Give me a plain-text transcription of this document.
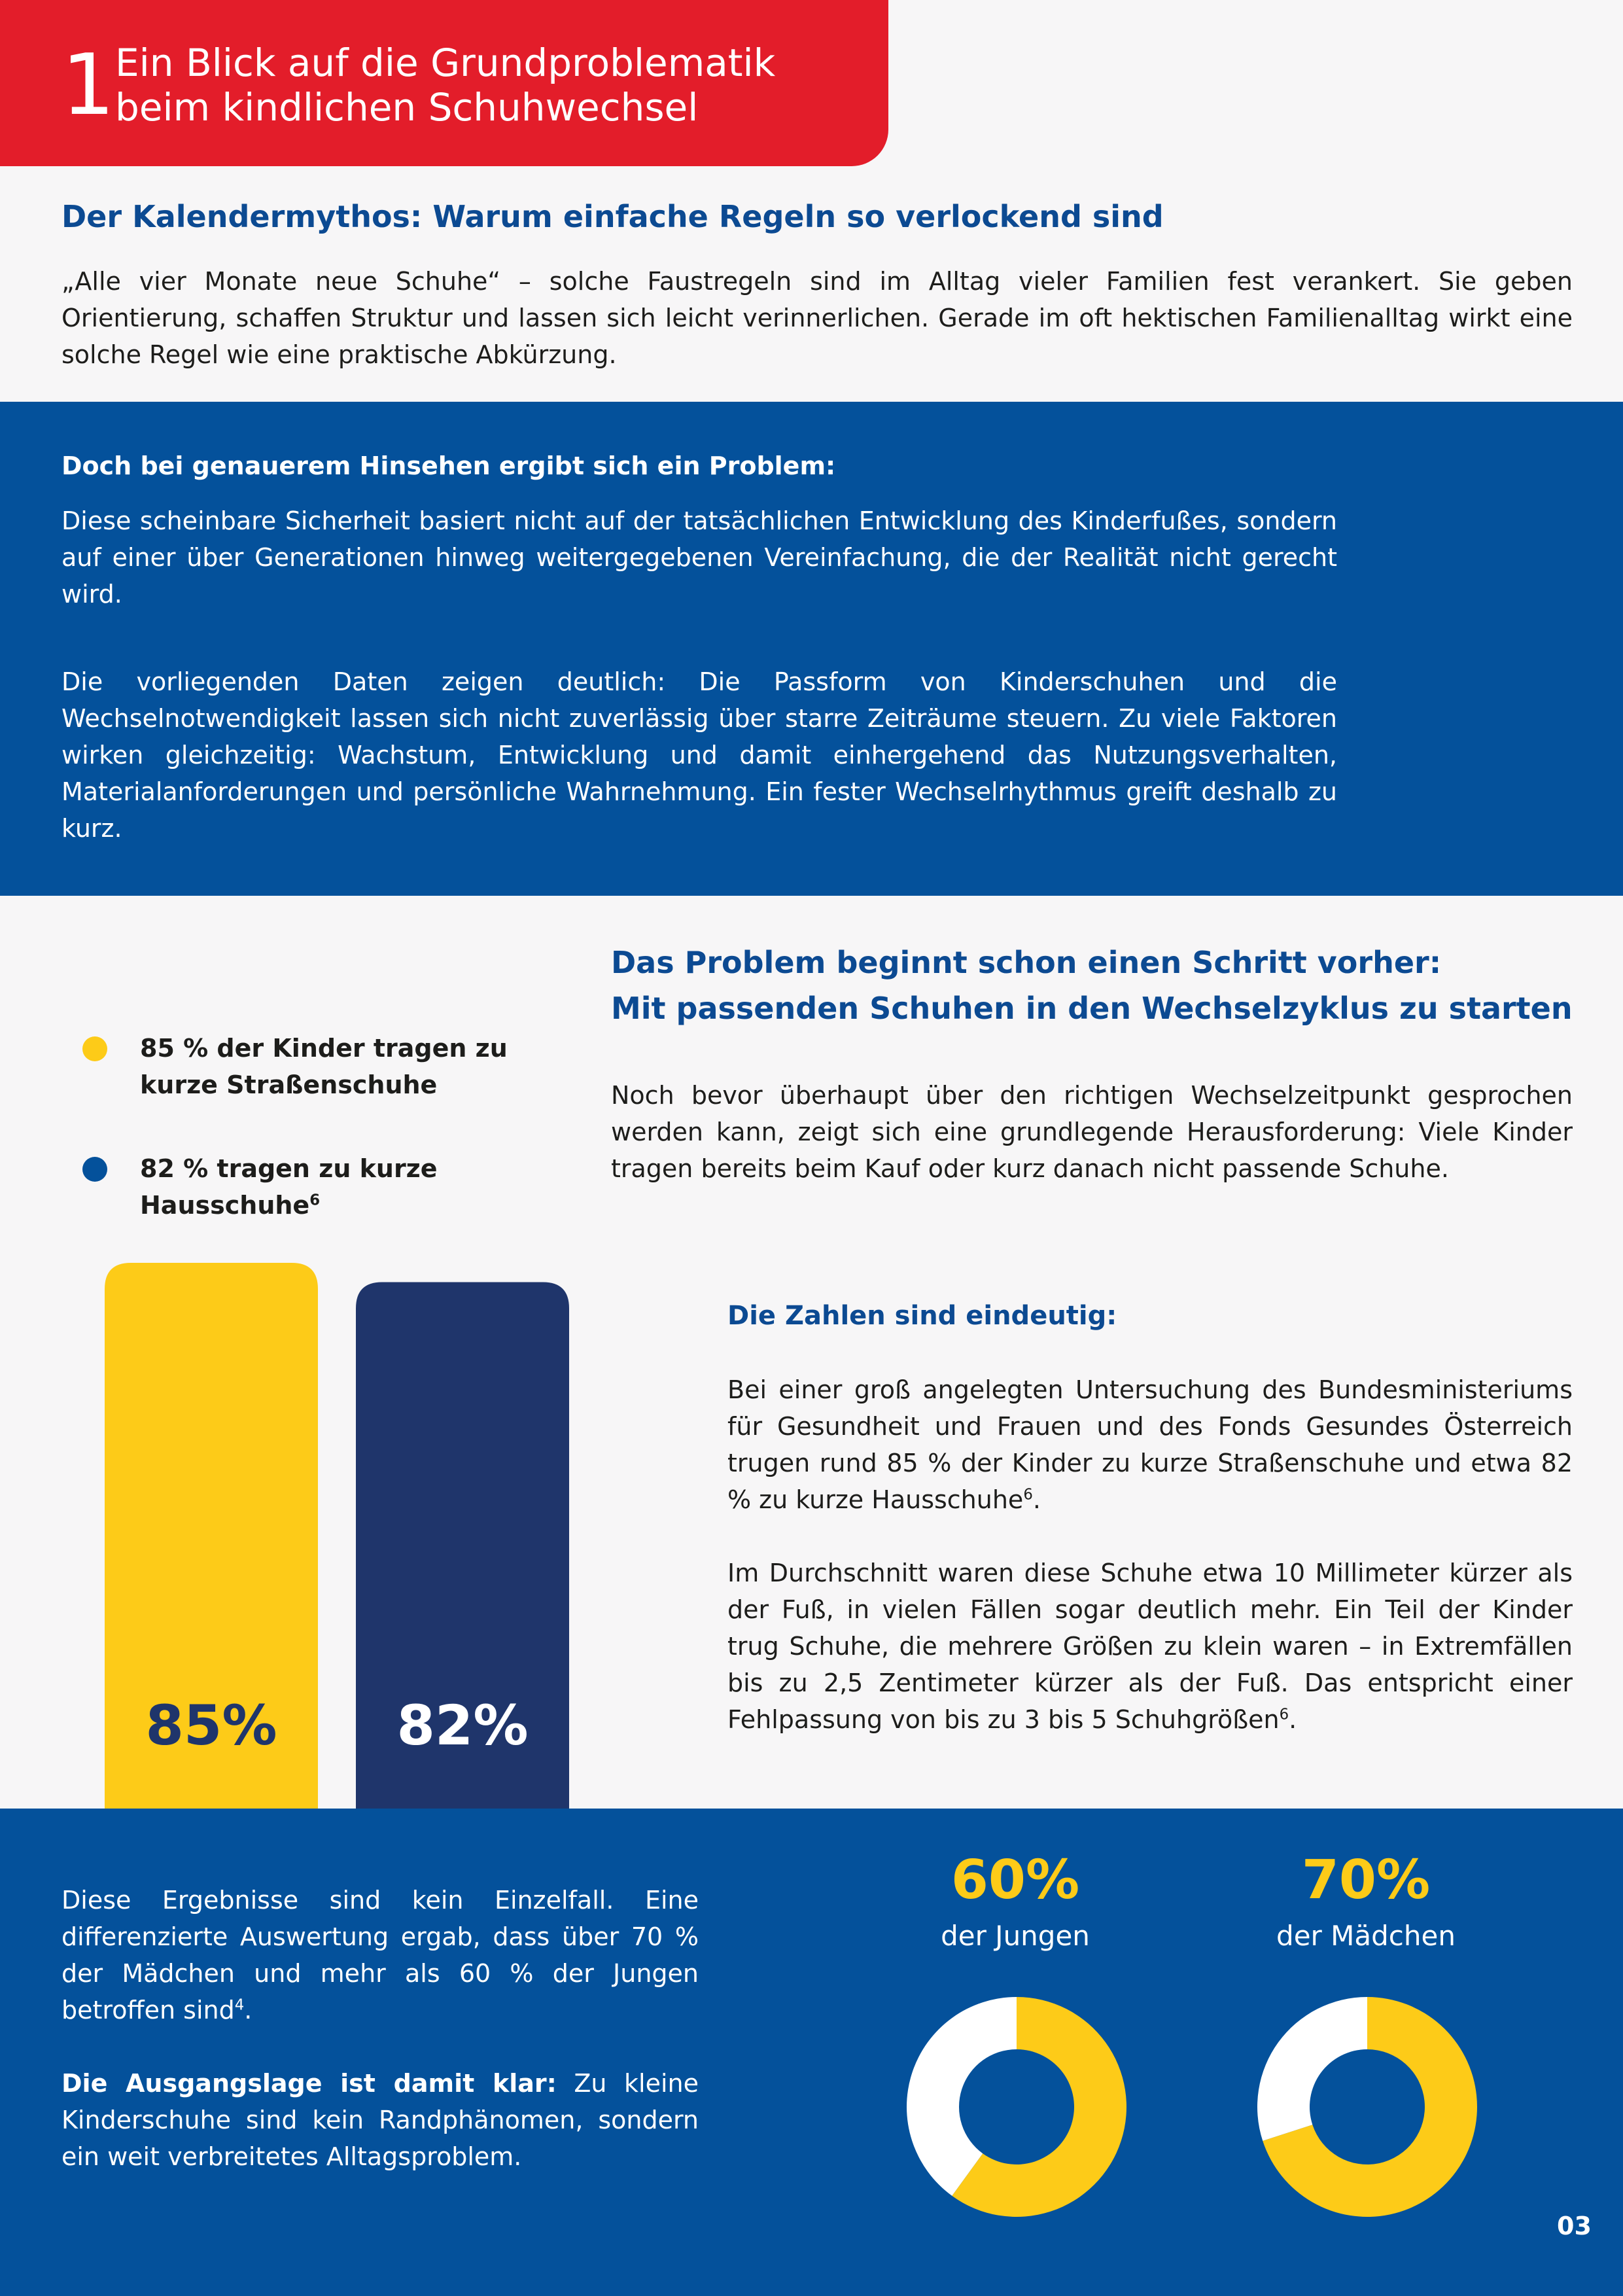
1 Ein Blick auf die Grundproblematik
beim kindlichen Schuhwechsel
Der Kalendermythos: Warum einfache Regeln so verlockend sind
„Alle vier Monate neue Schuhe“ – solche Faustregeln sind im Alltag vieler Familien fest verankert. Sie geben Orientierung, schaffen Struktur und lassen sich leicht verinnerlichen. Gerade im oft hektischen Familienalltag wirkt eine solche Regel wie eine praktische Abkürzung.
Doch bei genauerem Hinsehen ergibt sich ein Problem:
Diese scheinbare Sicherheit basiert nicht auf der tatsächlichen Entwicklung des Kinderfußes, sondern auf einer über Generationen hinweg weitergegebenen Vereinfachung, die der Realität nicht gerecht wird.
Die vorliegenden Daten zeigen deutlich: Die Passform von Kinderschuhen und die Wechselnotwendigkeit lassen sich nicht zuverlässig über starre Zeiträume steuern. Zu viele Faktoren wirken gleichzeitig: Wachstum, Entwicklung und damit einhergehend das Nutzungsverhalten, Materialanforderungen und persönliche Wahrnehmung. Ein fester Wechselrhythmus greift deshalb zu kurz.
85 % der Kinder tragen zu
kurze Straßenschuhe
82 % tragen zu kurze
Hausschuhe$^6$
85% 82%
Das Problem beginnt schon einen Schritt vorher:
Mit passenden Schuhen in den Wechselzyklus zu starten
Noch bevor überhaupt über den richtigen Wechselzeitpunkt gesprochen werden kann, zeigt sich eine grundlegende Herausforderung: Viele Kinder tragen bereits beim Kauf oder kurz danach nicht passende Schuhe.
Die Zahlen sind eindeutig:
Bei einer groß angelegten Untersuchung des Bundesministeriums für Gesundheit und Frauen und des Fonds Gesundes Österreich trugen rund 85 % der Kinder zu kurze Straßenschuhe und etwa 82 % zu kurze Hausschuhe$^6$.
Im Durchschnitt waren diese Schuhe etwa 10 Millimeter kürzer als der Fuß, in vielen Fällen sogar deutlich mehr. Ein Teil der Kinder trug Schuhe, die mehrere Größen zu klein waren – in Extremfällen bis zu 2,5 Zentimeter kürzer als der Fuß. Das entspricht einer Fehlpassung von bis zu 3 bis 5 Schuhgrößen$^6$.
Diese Ergebnisse sind kein Einzelfall. Eine differenzierte Auswertung ergab, dass über 70 % der Mädchen und mehr als 60 % der Jungen betroffen sind$^4$.
Die Ausgangslage ist damit klar: Zu kleine Kinderschuhe sind kein Randphänomen, sondern ein weit verbreitetes Alltagsproblem.
60%
der Jungen
70%
der Mädchen
03
